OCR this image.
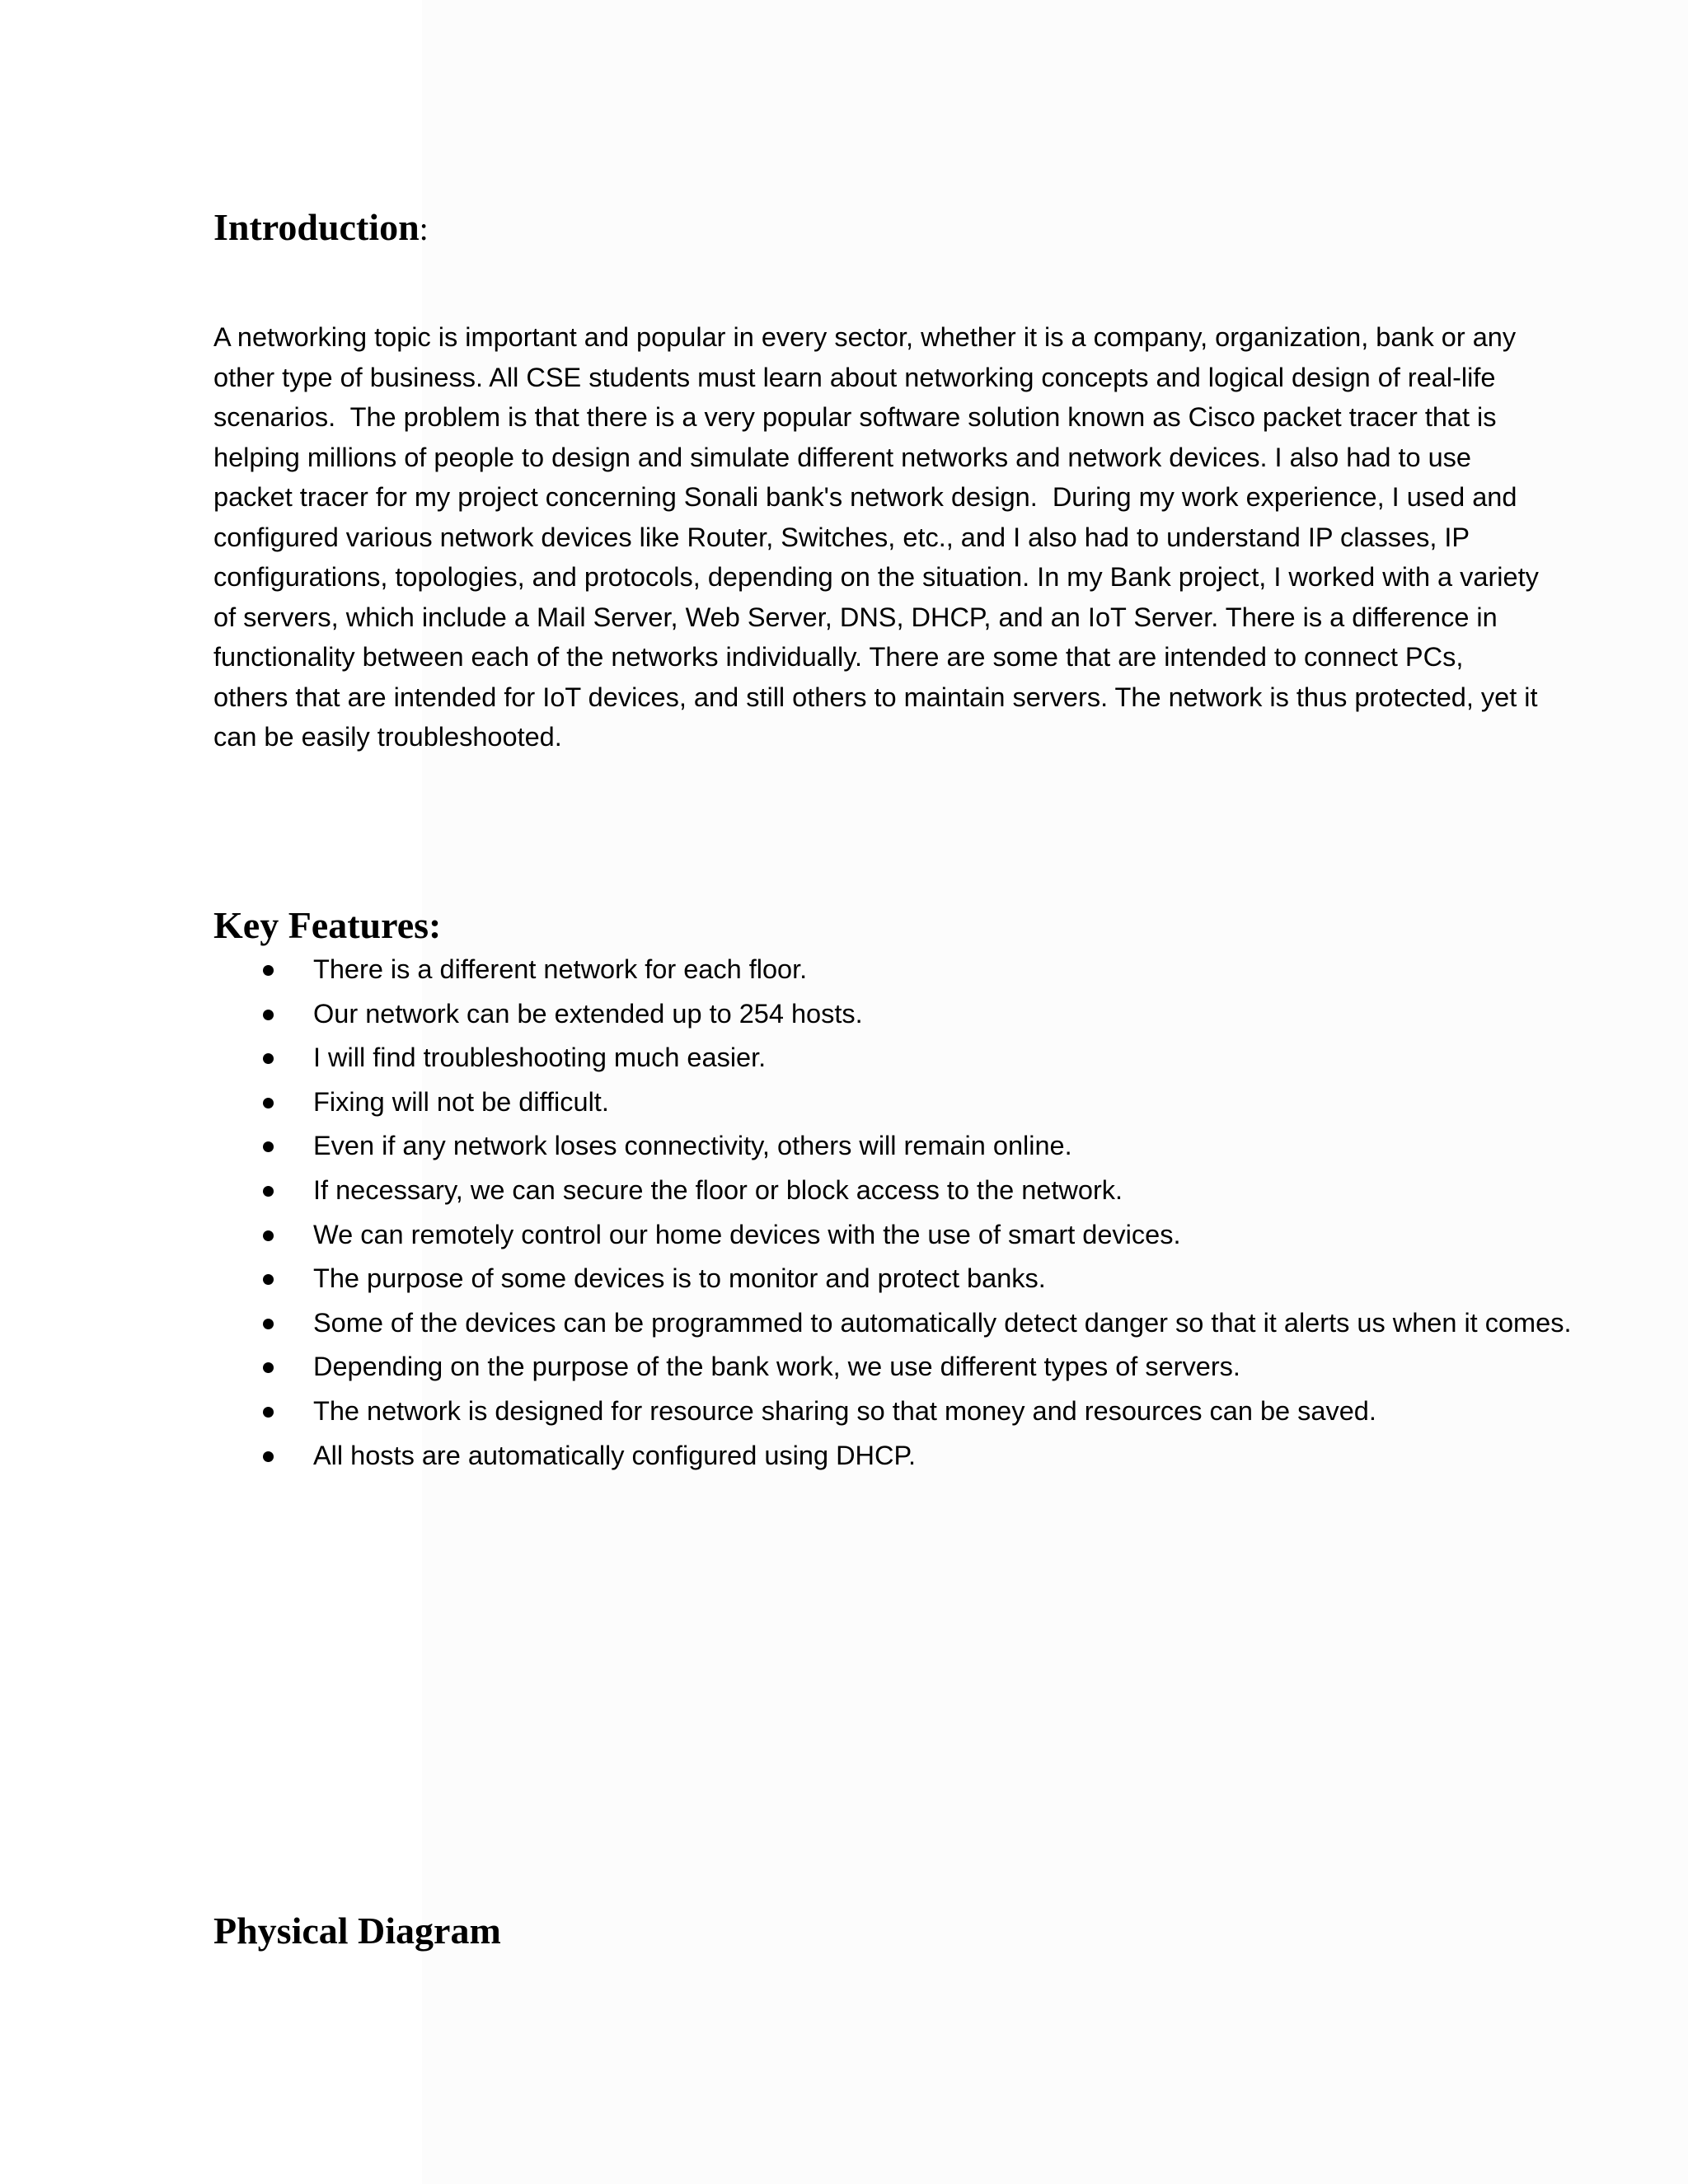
Introduction:
A networking topic is important and popular in every sector, whether it is a company, organization, bank or any
other type of business. All CSE students must learn about networking concepts and logical design of real-life
scenarios.  The problem is that there is a very popular software solution known as Cisco packet tracer that is
helping millions of people to design and simulate different networks and network devices. I also had to use
packet tracer for my project concerning Sonali bank's network design.  During my work experience, I used and
configured various network devices like Router, Switches, etc., and I also had to understand IP classes, IP
configurations, topologies, and protocols, depending on the situation. In my Bank project, I worked with a variety
of servers, which include a Mail Server, Web Server, DNS, DHCP, and an IoT Server. There is a difference in
functionality between each of the networks individually. There are some that are intended to connect PCs,
others that are intended for IoT devices, and still others to maintain servers. The network is thus protected, yet it
can be easily troubleshooted.
Key Features:
There is a different network for each floor.
Our network can be extended up to 254 hosts.
I will find troubleshooting much easier.
Fixing will not be difficult.
Even if any network loses connectivity, others will remain online.
If necessary, we can secure the floor or block access to the network.
We can remotely control our home devices with the use of smart devices.
The purpose of some devices is to monitor and protect banks.
Some of the devices can be programmed to automatically detect danger so that it alerts us when it comes.
Depending on the purpose of the bank work, we use different types of servers.
The network is designed for resource sharing so that money and resources can be saved.
All hosts are automatically configured using DHCP.
Physical Diagram
